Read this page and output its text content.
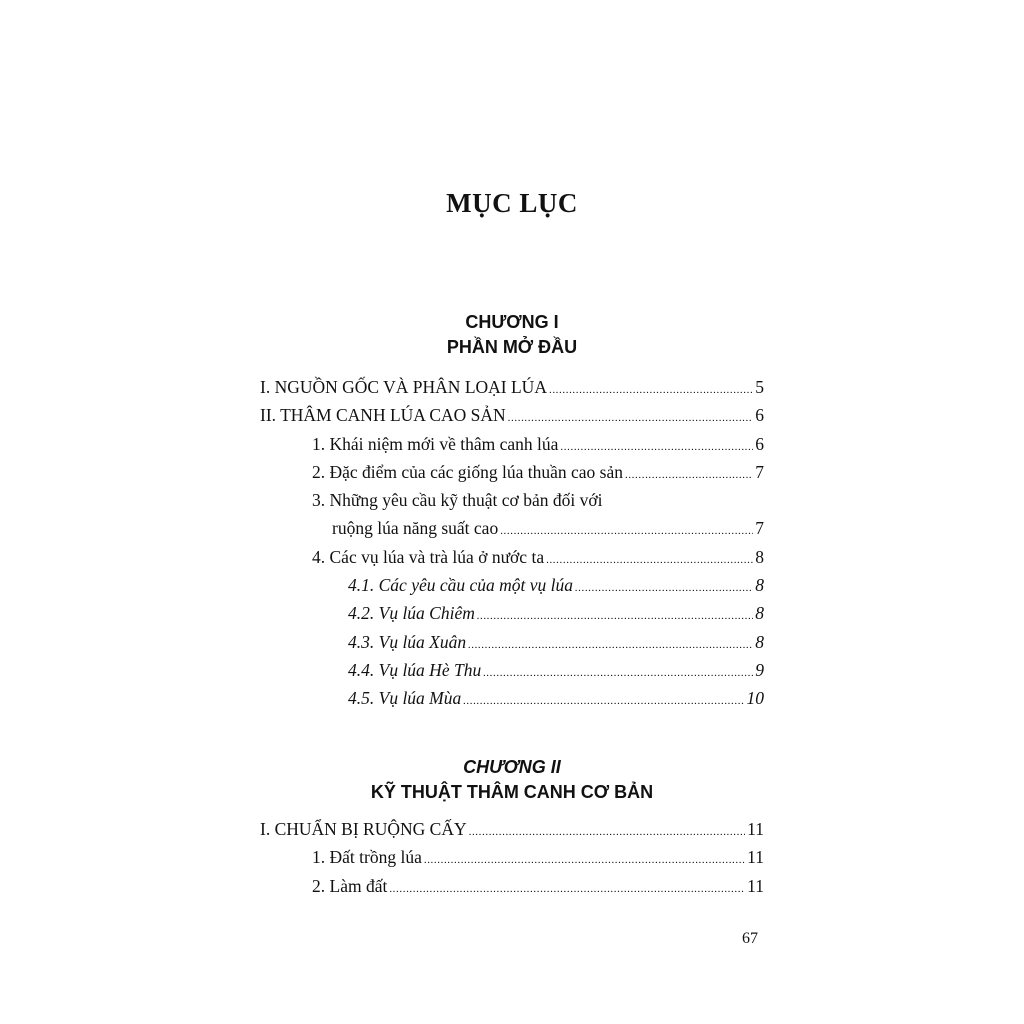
MỤC LỤC
CHƯƠNG I
PHẦN MỞ ĐẦU
I. NGUỒN GỐC VÀ PHÂN LOẠI LÚA .....	5
II. THÂM CANH LÚA CAO SẢN .....	6
1. Khái niệm mới về thâm canh lúa .....	6
2. Đặc điểm của các giống lúa thuần cao sản .....	7
3. Những yêu cầu kỹ thuật cơ bản đối với
ruộng lúa năng suất cao .....	7
4. Các vụ lúa và trà lúa ở nước ta .....	8
4.1. Các yêu cầu của một vụ lúa .....	8
4.2. Vụ lúa Chiêm .....	8
4.3. Vụ lúa Xuân .....	8
4.4. Vụ lúa Hè Thu .....	9
4.5. Vụ lúa Mùa .....	10
CHƯƠNG II
KỸ THUẬT THÂM CANH CƠ BẢN
I. CHUẨN BỊ RUỘNG CẤY .....	11
1. Đất trồng lúa .....	11
2. Làm đất .....	11
67
